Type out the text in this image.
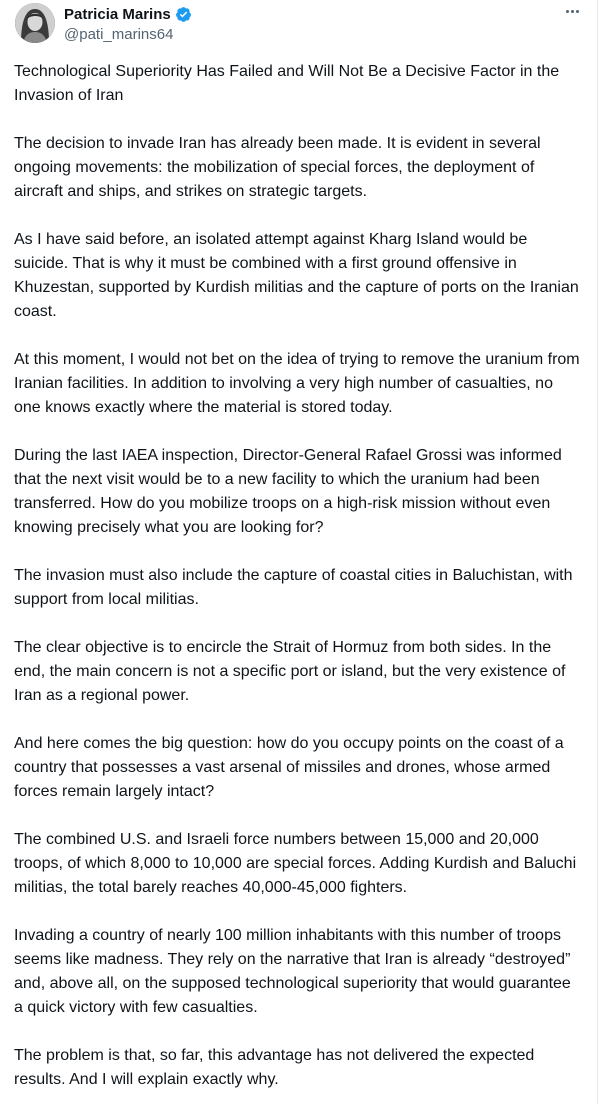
Patricia Marins
@pati_marins64

Technological Superiority Has Failed and Will Not Be a Decisive Factor in the Invasion of Iran

The decision to invade Iran has already been made. It is evident in several ongoing movements: the mobilization of special forces, the deployment of aircraft and ships, and strikes on strategic targets.

As I have said before, an isolated attempt against Kharg Island would be suicide. That is why it must be combined with a first ground offensive in Khuzestan, supported by Kurdish militias and the capture of ports on the Iranian coast.

At this moment, I would not bet on the idea of trying to remove the uranium from Iranian facilities. In addition to involving a very high number of casualties, no one knows exactly where the material is stored today.

During the last IAEA inspection, Director-General Rafael Grossi was informed that the next visit would be to a new facility to which the uranium had been transferred. How do you mobilize troops on a high-risk mission without even knowing precisely what you are looking for?

The invasion must also include the capture of coastal cities in Baluchistan, with support from local militias.

The clear objective is to encircle the Strait of Hormuz from both sides. In the end, the main concern is not a specific port or island, but the very existence of Iran as a regional power.

And here comes the big question: how do you occupy points on the coast of a country that possesses a vast arsenal of missiles and drones, whose armed forces remain largely intact?

The combined U.S. and Israeli force numbers between 15,000 and 20,000 troops, of which 8,000 to 10,000 are special forces. Adding Kurdish and Baluchi militias, the total barely reaches 40,000-45,000 fighters.

Invading a country of nearly 100 million inhabitants with this number of troops seems like madness. They rely on the narrative that Iran is already “destroyed” and, above all, on the supposed technological superiority that would guarantee a quick victory with few casualties.

The problem is that, so far, this advantage has not delivered the expected results. And I will explain exactly why.
